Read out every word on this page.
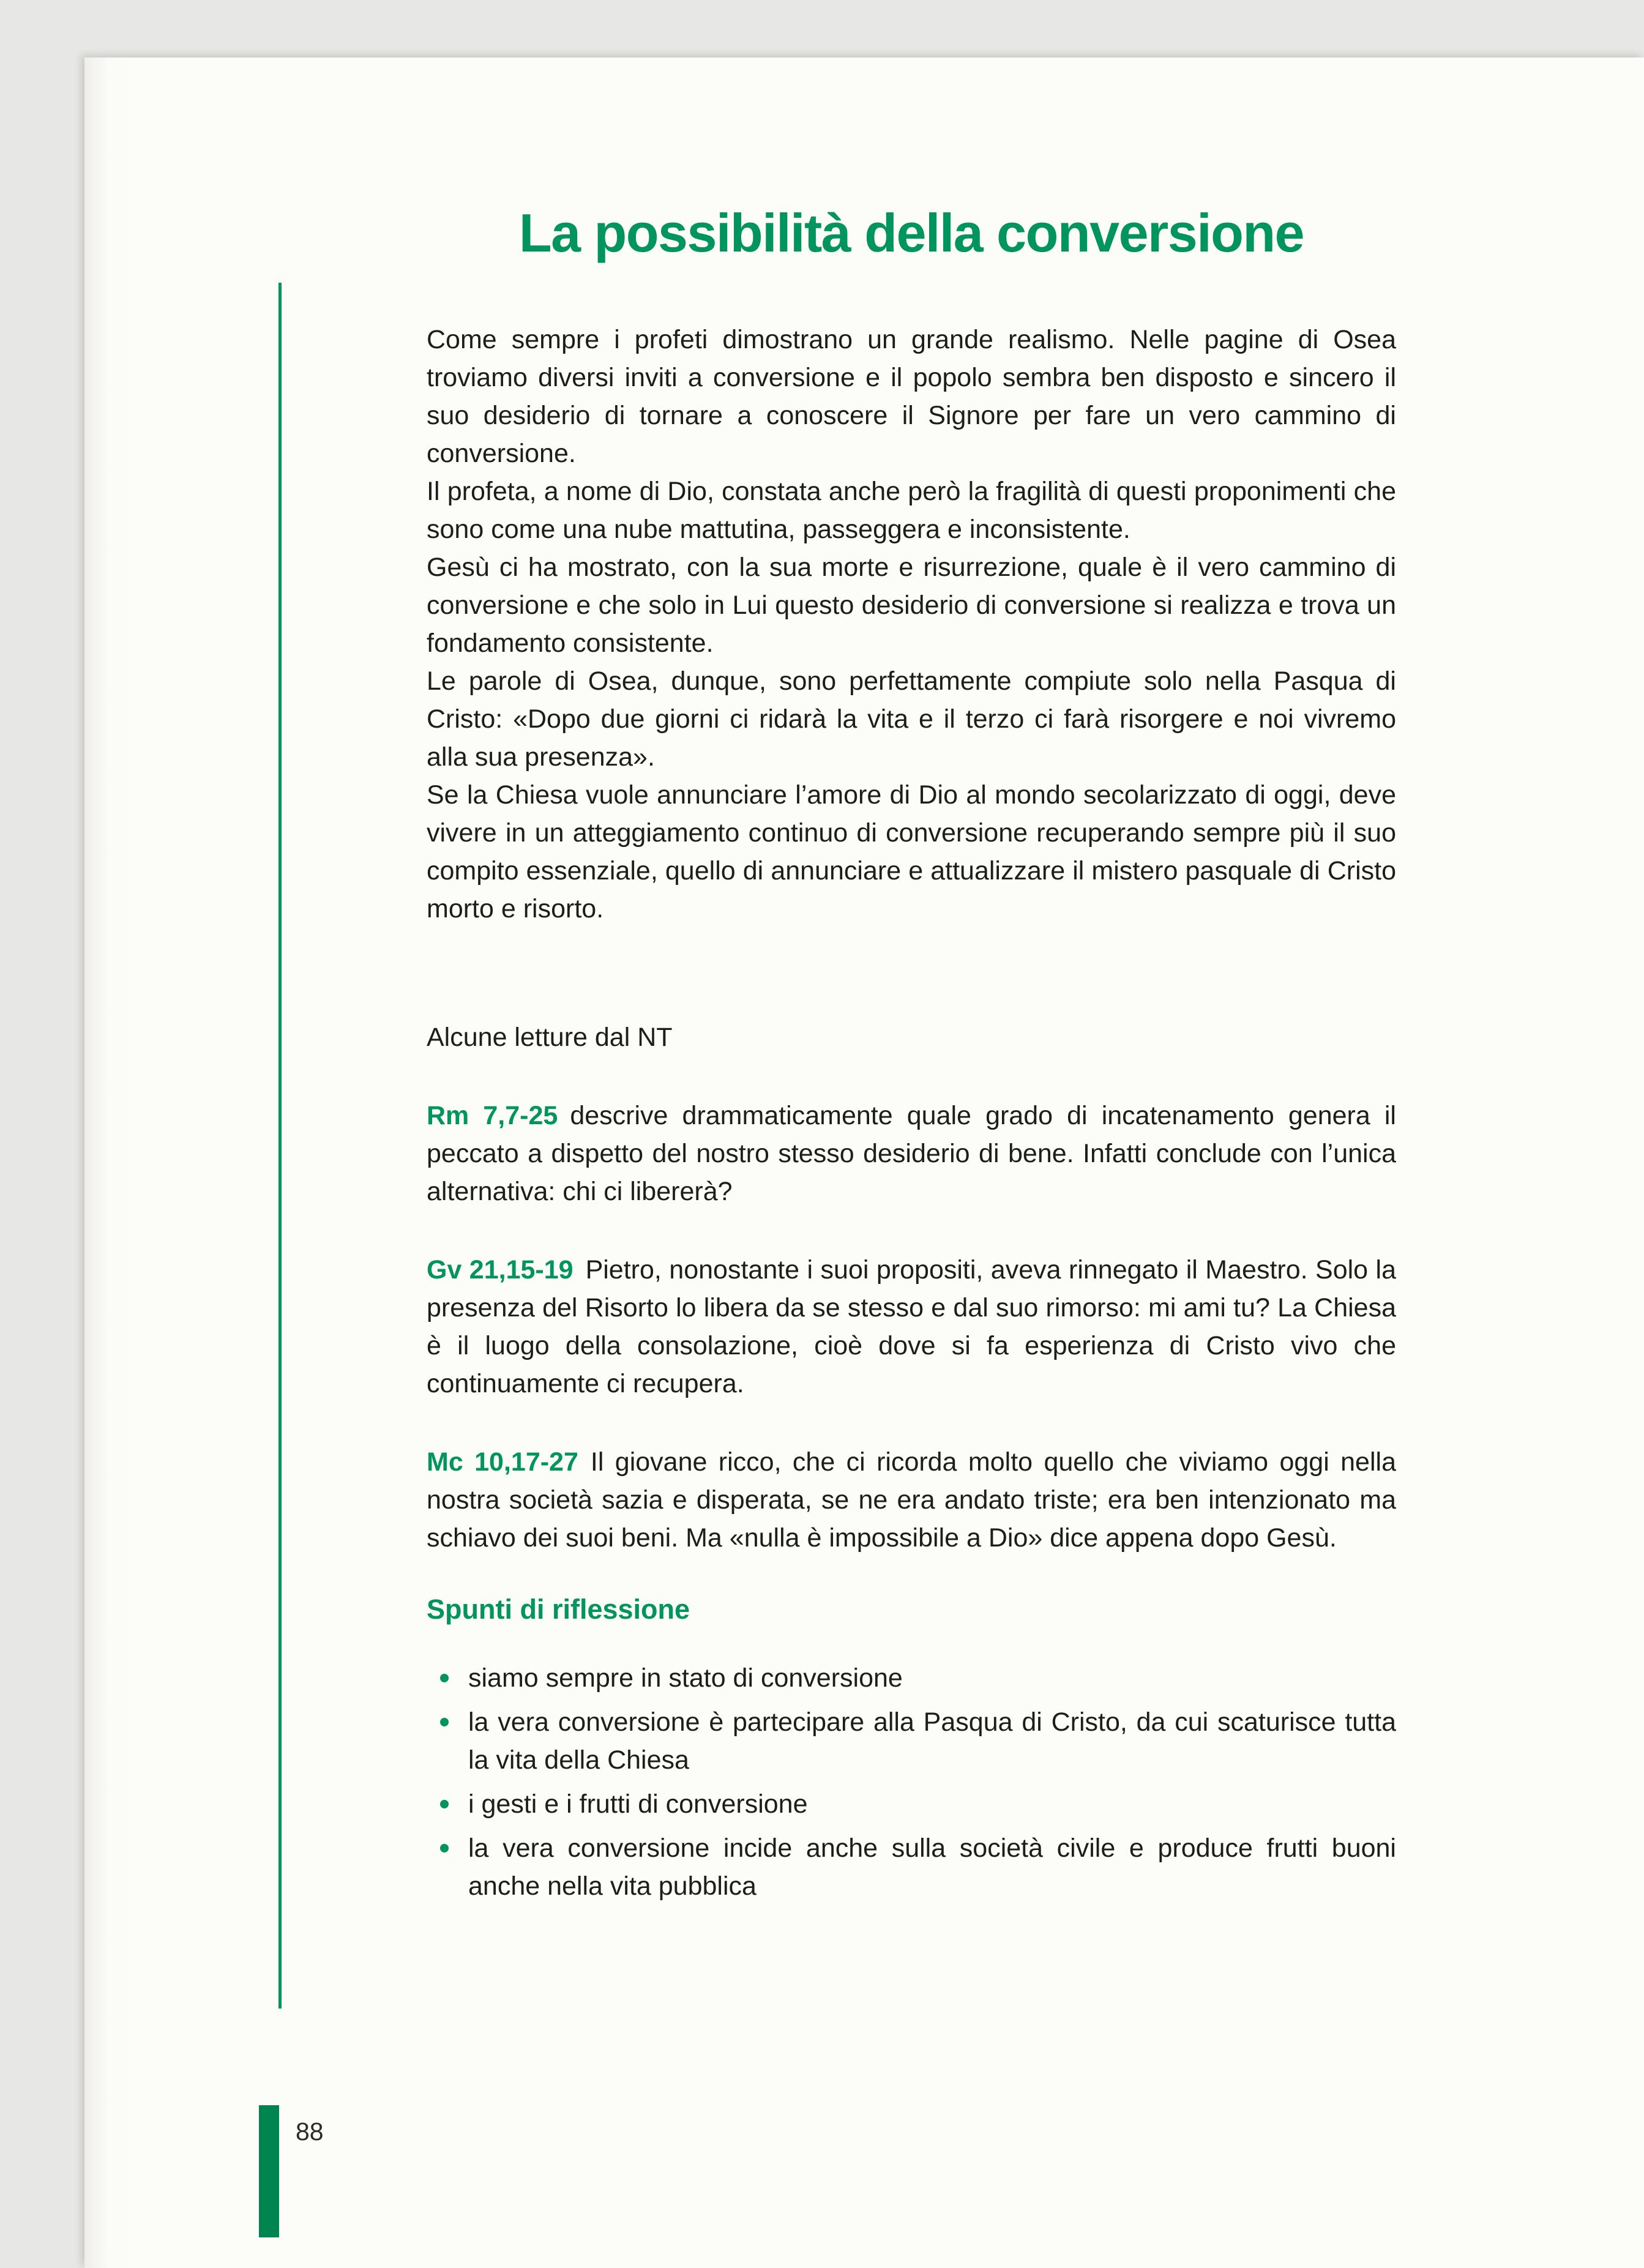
La possibilità della conversione

Come sempre i profeti dimostrano un grande realismo. Nelle pagine di Osea troviamo diversi inviti a conversione e il popolo sembra ben disposto e sincero il suo desiderio di tornare a conoscere il Signore per fare un vero cammino di conversione.

Il profeta, a nome di Dio, constata anche però la fragilità di questi proponimenti che sono come una nube mattutina, passeggera e inconsistente.

Gesù ci ha mostrato, con la sua morte e risurrezione, quale è il vero cammino di conversione e che solo in Lui questo desiderio di conversione si realizza e trova un fondamento consistente.

Le parole di Osea, dunque, sono perfettamente compiute solo nella Pasqua di Cristo: «Dopo due giorni ci ridarà la vita e il terzo ci farà risorgere e noi vivremo alla sua presenza».

Se la Chiesa vuole annunciare l’amore di Dio al mondo secolarizzato di oggi, deve vivere in un atteggiamento continuo di conversione recuperando sempre più il suo compito essenziale, quello di annunciare e attualizzare il mistero pasquale di Cristo morto e risorto.

Alcune letture dal NT

Rm 7,7-25 descrive drammaticamente quale grado di incatenamento genera il peccato a dispetto del nostro stesso desiderio di bene. Infatti conclude con l’unica alternativa: chi ci libererà?

Gv 21,15-19 Pietro, nonostante i suoi propositi, aveva rinnegato il Maestro. Solo la presenza del Risorto lo libera da se stesso e dal suo rimorso: mi ami tu? La Chiesa è il luogo della consolazione, cioè dove si fa esperienza di Cristo vivo che continuamente ci recupera.

Mc 10,17-27 Il giovane ricco, che ci ricorda molto quello che viviamo oggi nella nostra società sazia e disperata, se ne era andato triste; era ben intenzionato ma schiavo dei suoi beni. Ma «nulla è impossibile a Dio» dice appena dopo Gesù.

Spunti di riflessione
siamo sempre in stato di conversione
la vera conversione è partecipare alla Pasqua di Cristo, da cui scaturisce tutta la vita della Chiesa
i gesti e i frutti di conversione
la vera conversione incide anche sulla società civile e produce frutti buoni anche nella vita pubblica
88
